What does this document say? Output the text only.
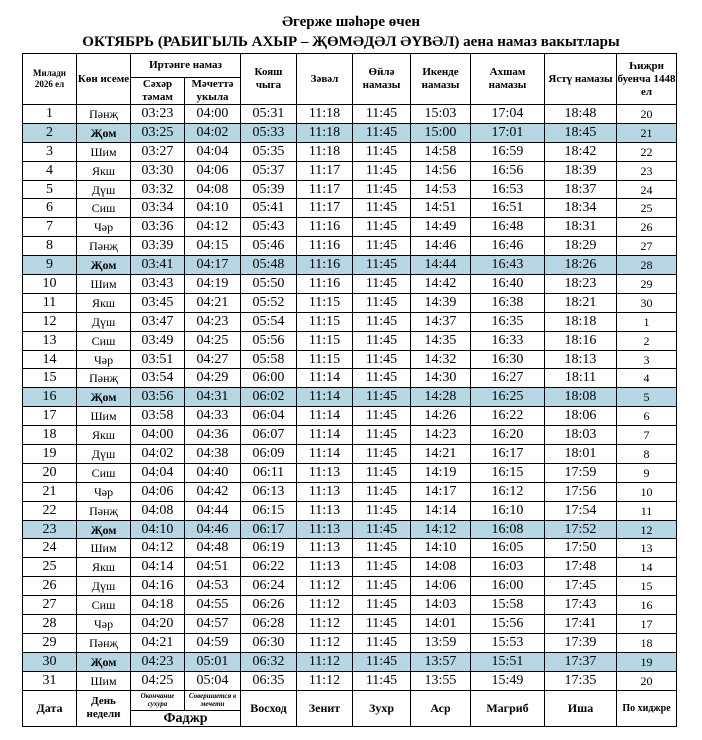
Әгерже шәһәре өчен
ОКТЯБРЬ (РАБИГЫЛЬ АХЫР – ҖӨМӘДӘЛ ӘҮВӘЛ) аена намаз вакытлары
Миладн 2026 ел	Көн исеме	Иртәнге намаз		Кояш чыга	Зәвәл	Өйлә намазы	Икенде намазы	Ахшам намазы	Ястү намазы	Һиҗри буенча 1448 ел
		Сәхәр тәмам	Мәчеттә укыла							
1	Пәнҗ	03:23	04:00	05:31	11:18	11:45	15:03	17:04	18:48	20
2	Җом	03:25	04:02	05:33	11:18	11:45	15:00	17:01	18:45	21
3	Шим	03:27	04:04	05:35	11:18	11:45	14:58	16:59	18:42	22
4	Якш	03:30	04:06	05:37	11:17	11:45	14:56	16:56	18:39	23
5	Дүш	03:32	04:08	05:39	11:17	11:45	14:53	16:53	18:37	24
6	Сиш	03:34	04:10	05:41	11:17	11:45	14:51	16:51	18:34	25
7	Чәр	03:36	04:12	05:43	11:16	11:45	14:49	16:48	18:31	26
8	Пәнҗ	03:39	04:15	05:46	11:16	11:45	14:46	16:46	18:29	27
9	Җом	03:41	04:17	05:48	11:16	11:45	14:44	16:43	18:26	28
10	Шим	03:43	04:19	05:50	11:16	11:45	14:42	16:40	18:23	29
11	Якш	03:45	04:21	05:52	11:15	11:45	14:39	16:38	18:21	30
12	Дүш	03:47	04:23	05:54	11:15	11:45	14:37	16:35	18:18	1
13	Сиш	03:49	04:25	05:56	11:15	11:45	14:35	16:33	18:16	2
14	Чәр	03:51	04:27	05:58	11:15	11:45	14:32	16:30	18:13	3
15	Пәнҗ	03:54	04:29	06:00	11:14	11:45	14:30	16:27	18:11	4
16	Җом	03:56	04:31	06:02	11:14	11:45	14:28	16:25	18:08	5
17	Шим	03:58	04:33	06:04	11:14	11:45	14:26	16:22	18:06	6
18	Якш	04:00	04:36	06:07	11:14	11:45	14:23	16:20	18:03	7
19	Дүш	04:02	04:38	06:09	11:14	11:45	14:21	16:17	18:01	8
20	Сиш	04:04	04:40	06:11	11:13	11:45	14:19	16:15	17:59	9
21	Чәр	04:06	04:42	06:13	11:13	11:45	14:17	16:12	17:56	10
22	Пәнҗ	04:08	04:44	06:15	11:13	11:45	14:14	16:10	17:54	11
23	Җом	04:10	04:46	06:17	11:13	11:45	14:12	16:08	17:52	12
24	Шим	04:12	04:48	06:19	11:13	11:45	14:10	16:05	17:50	13
25	Якш	04:14	04:51	06:22	11:13	11:45	14:08	16:03	17:48	14
26	Дүш	04:16	04:53	06:24	11:12	11:45	14:06	16:00	17:45	15
27	Сиш	04:18	04:55	06:26	11:12	11:45	14:03	15:58	17:43	16
28	Чәр	04:20	04:57	06:28	11:12	11:45	14:01	15:56	17:41	17
29	Пәнҗ	04:21	04:59	06:30	11:12	11:45	13:59	15:53	17:39	18
30	Җом	04:23	05:01	06:32	11:12	11:45	13:57	15:51	17:37	19
31	Шим	04:25	05:04	06:35	11:12	11:45	13:55	15:49	17:35	20
Дата	День недели	Окончание сухура	Совершается в мечети	Восход	Зенит	Зухр	Аср	Магриб	Иша	По хиджре
		Фаджр								
